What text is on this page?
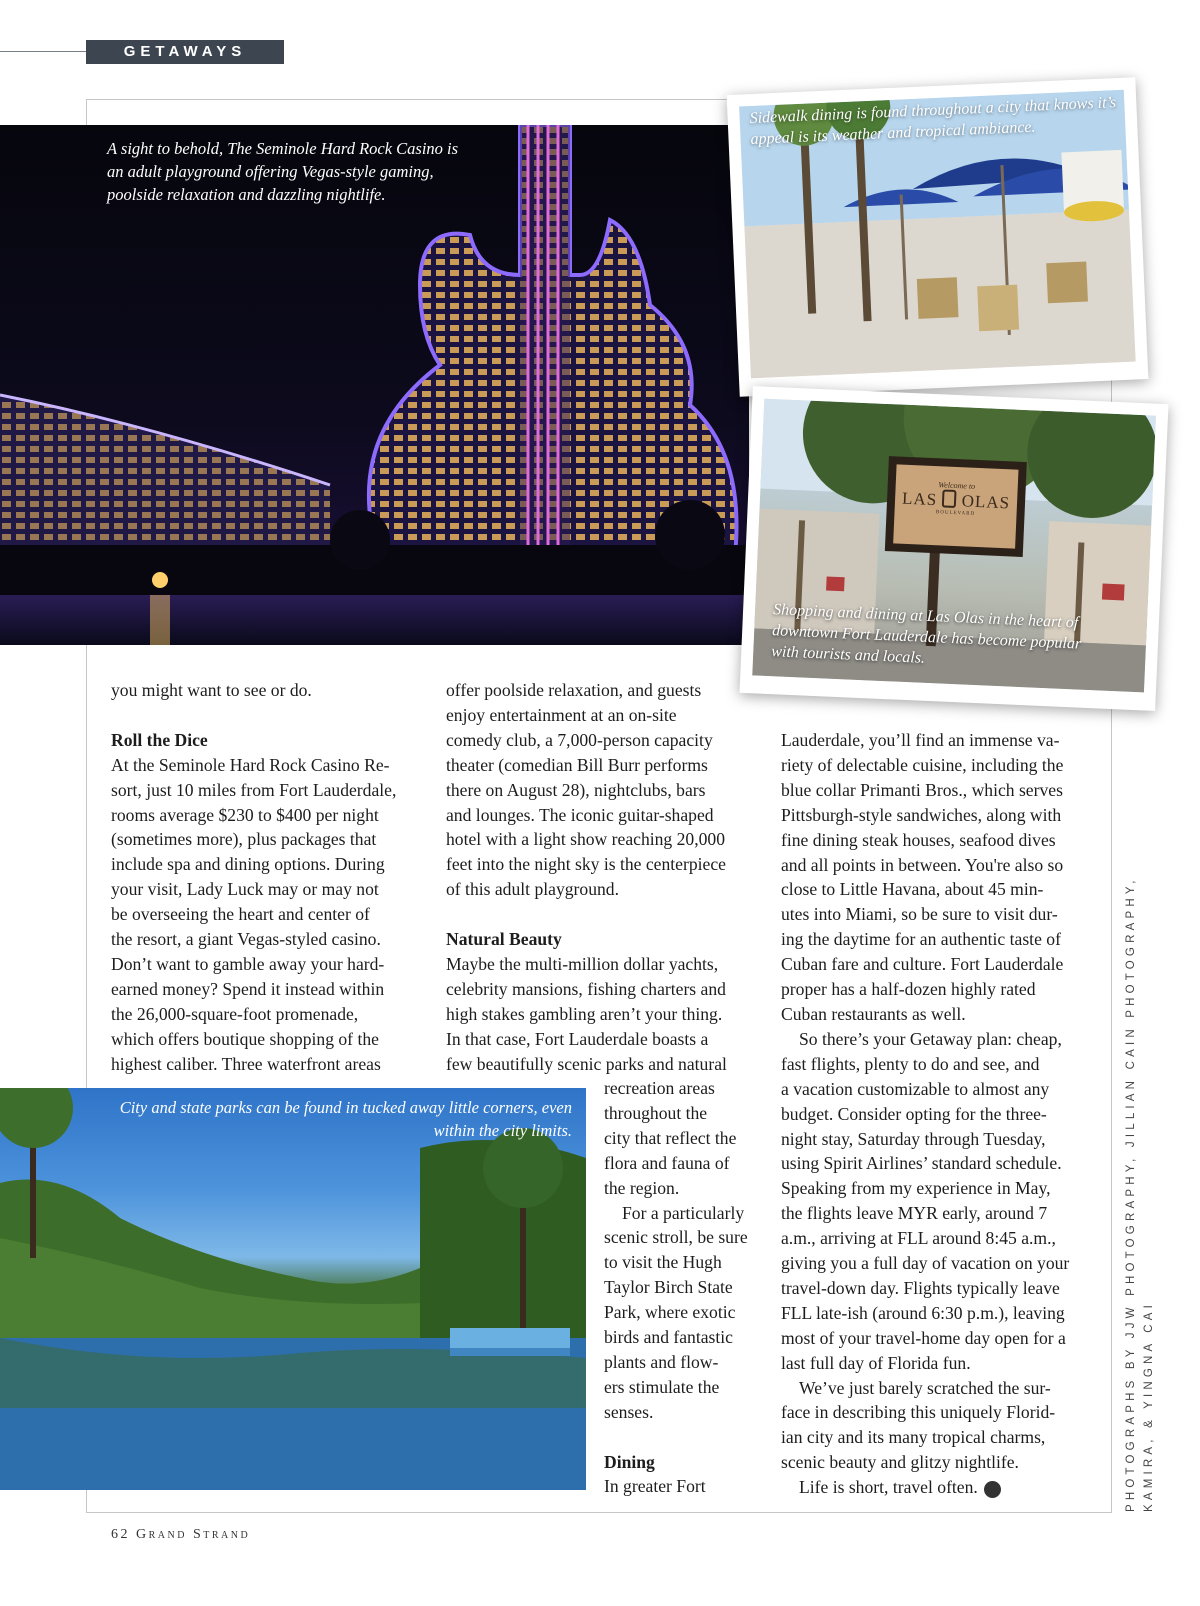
GETAWAYS
A sight to behold, The Seminole Hard Rock Casino is an adult playground offering Vegas-style gaming, poolside relaxation and dazzling nightlife.
Sidewalk dining is found throughout a city that knows it’s appeal is its weather and tropical ambiance.
Welcome to
LAS OLAS
BOULEVARD
Shopping and dining at Las Olas in the heart of downtown Fort Lauderdale has become popular with tourists and locals.
City and state parks can be found in tucked away little corners, even within the city limits.

you might want to see or do.

Roll the Dice

At the Seminole Hard Rock Casino Re-

sort, just 10 miles from Fort Lauderdale,

rooms average $230 to $400 per night

(sometimes more), plus packages that

include spa and dining options. During

your visit, Lady Luck may or may not

be overseeing the heart and center of

the resort, a giant Vegas-styled casino.

Don’t want to gamble away your hard-

earned money? Spend it instead within

the 26,000-square-foot promenade,

which offers boutique shopping of the

highest caliber. Three waterfront areas

offer poolside relaxation, and guests

enjoy entertainment at an on-site

comedy club, a 7,000-person capacity

theater (comedian Bill Burr performs

there on August 28), nightclubs, bars

and lounges. The iconic guitar-shaped

hotel with a light show reaching 20,000

feet into the night sky is the centerpiece

of this adult playground.

Natural Beauty

Maybe the multi-million dollar yachts,

celebrity mansions, fishing charters and

high stakes gambling aren’t your thing.

In that case, Fort Lauderdale boasts a

few beautifully scenic parks and natural

recreation areas

throughout the

city that reflect the

flora and fauna of

the region.

For a particularly

scenic stroll, be sure

to visit the Hugh

Taylor Birch State

Park, where exotic

birds and fantastic

plants and flow-

ers stimulate the

senses.

Dining

In greater Fort

Lauderdale, you’ll find an immense va-

riety of delectable cuisine, including the

blue collar Primanti Bros., which serves

Pittsburgh-style sandwiches, along with

fine dining steak houses, seafood dives

and all points in between. You're also so

close to Little Havana, about 45 min-

utes into Miami, so be sure to visit dur-

ing the daytime for an authentic taste of

Cuban fare and culture. Fort Lauderdale

proper has a half-dozen highly rated

Cuban restaurants as well.

So there’s your Getaway plan: cheap,

fast flights, plenty to do and see, and

a vacation customizable to almost any

budget. Consider opting for the three-

night stay, Saturday through Tuesday,

using Spirit Airlines’ standard schedule.

Speaking from my experience in May,

the flights leave MYR early, around 7

a.m., arriving at FLL around 8:45 a.m.,

giving you a full day of vacation on your

travel-down day. Flights typically leave

FLL late-ish (around 6:30 p.m.), leaving

most of your travel-home day open for a

last full day of Florida fun.

We’ve just barely scratched the sur-

face in describing this uniquely Florid-

ian city and its many tropical charms,

scenic beauty and glitzy nightlife.

Life is short, travel often.	GS	PHOTOGRAPHS BY JJW PHOTOGRAPHY, JILLIAN CAIN PHOTOGRAPHY, KAMIRA, & YINGNA CAI
62 Grand Strand
